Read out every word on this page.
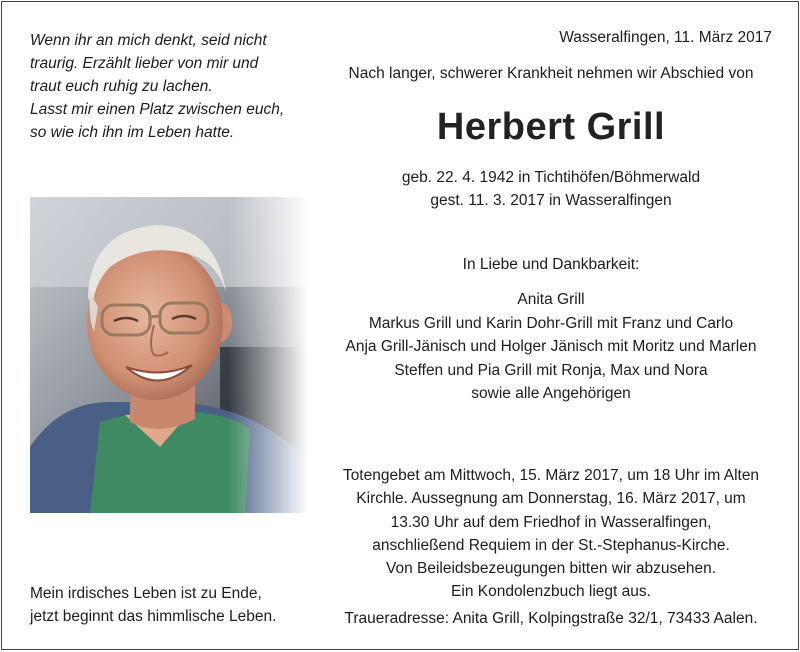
Wenn ihr an mich denkt, seid nicht
traurig. Erzählt lieber von mir und
traut euch ruhig zu lachen.
Lasst mir einen Platz zwischen euch,
so wie ich ihn im Leben hatte.
Mein irdisches Leben ist zu Ende,
jetzt beginnt das himmlische Leben.
Wasseralfingen, 11. März 2017
Nach langer, schwerer Krankheit nehmen wir Abschied von
Herbert Grill
geb. 22. 4. 1942 in Tichtihöfen/Böhmerwald
gest. 11. 3. 2017 in Wasseralfingen
In Liebe und Dankbarkeit:
Anita Grill
Markus Grill und Karin Dohr-Grill mit Franz und Carlo
Anja Grill-Jänisch und Holger Jänisch mit Moritz und Marlen
Steffen und Pia Grill mit Ronja, Max und Nora
sowie alle Angehörigen
Totengebet am Mittwoch, 15. März 2017, um 18 Uhr im Alten
Kirchle. Aussegnung am Donnerstag, 16. März 2017, um
13.30 Uhr auf dem Friedhof in Wasseralfingen,
anschließend Requiem in der St.-Stephanus-Kirche.
Von Beileidsbezeugungen bitten wir abzusehen.
Ein Kondolenzbuch liegt aus.
Traueradresse: Anita Grill, Kolpingstraße 32/1, 73433 Aalen.
